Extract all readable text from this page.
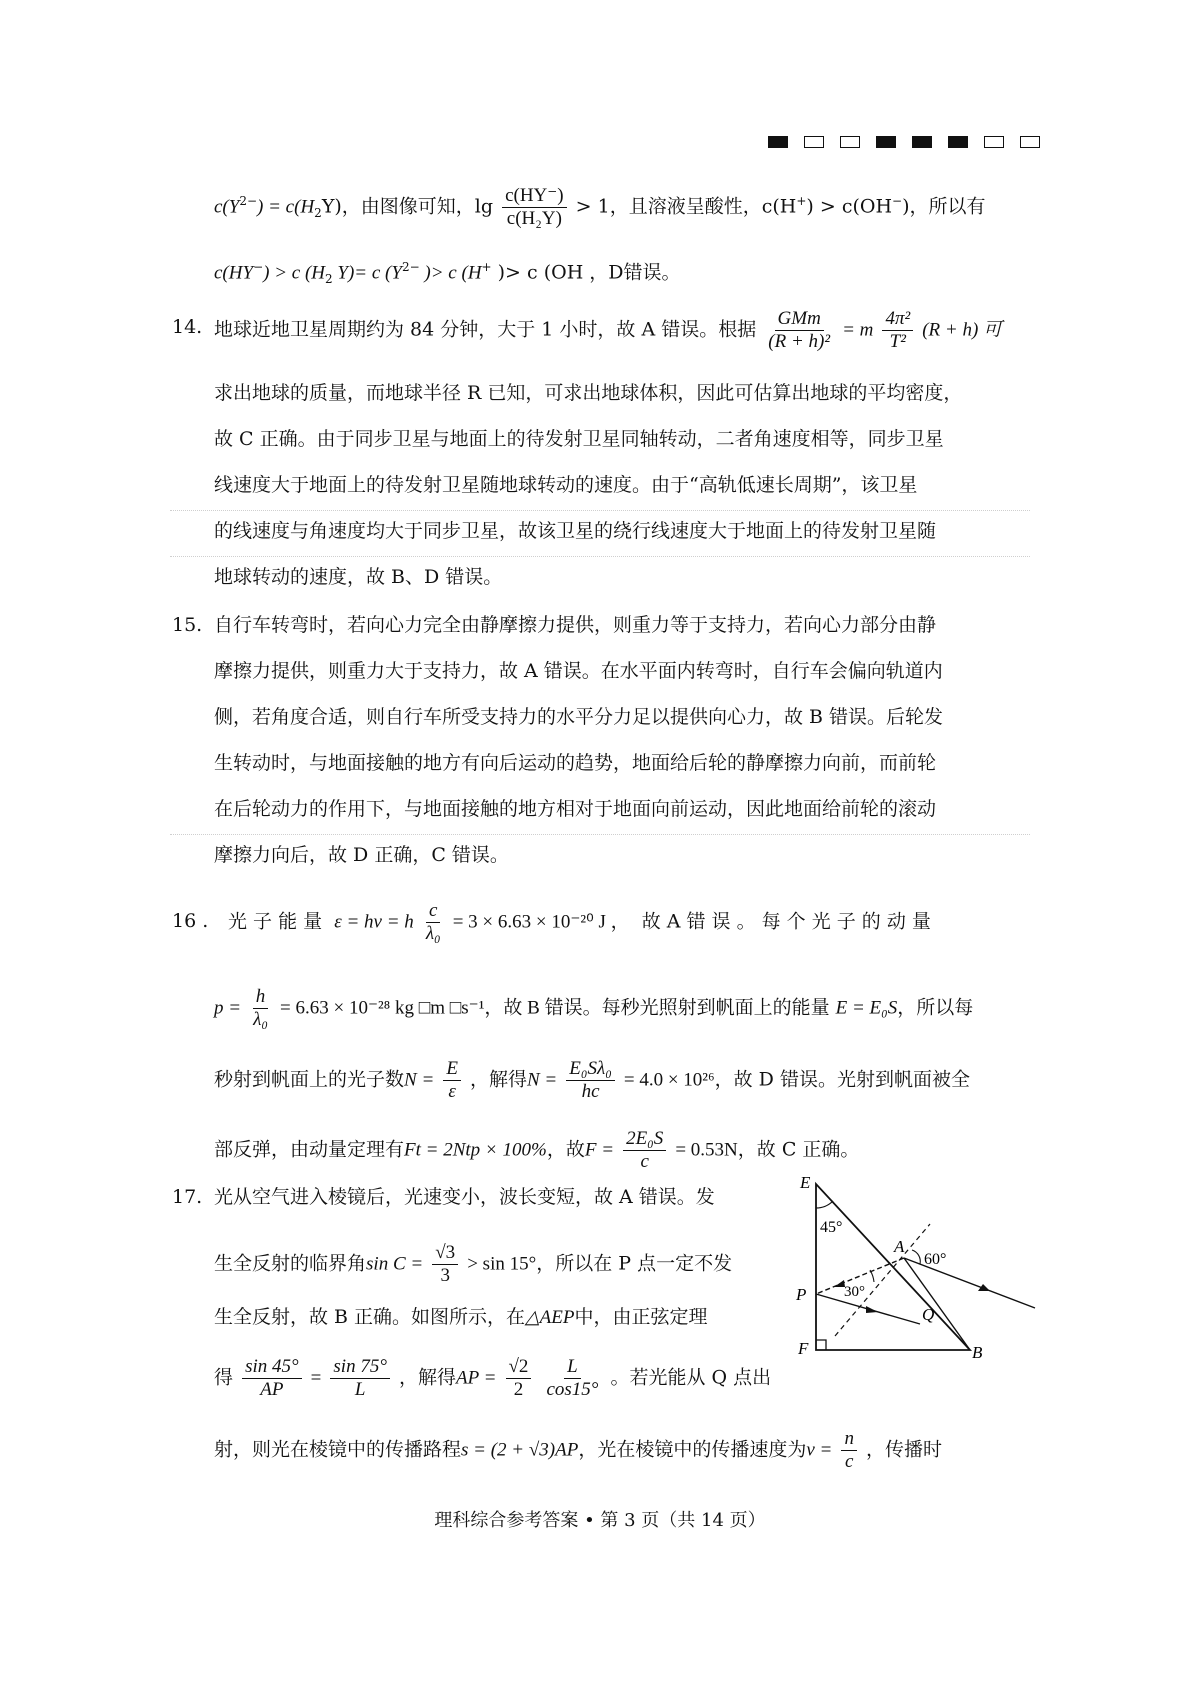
$c(Y^{2-}) = c(H_2Y)$，由图像可知，$\lg \frac{c(HY^-)}{\text{c(H₂Y)}} > 1$，且溶液呈酸性，c(H+) > c(OH−)，所以有
c(HY−) > c ($H_2$ Y)= c ($Y^{2-}$ )> c (H+ )> c (OH ，D错误。
14. 地球近地卫星周期约为 84 分钟，大于 1 小时，故 A 错误。根据 $\frac{\text{GMm}}{\text{(R + h)²}} = m \frac{\text{4π²}}{\text{T²}} (R + h)$ 可
求出地球的质量，而地球半径 R 已知，可求出地球体积，因此可估算出地球的平均密度，
故 C 正确。由于同步卫星与地面上的待发射卫星同轴转动，二者角速度相等，同步卫星
线速度大于地面上的待发射卫星随地球转动的速度。由于“高轨低速长周期”，该卫星
的线速度与角速度均大于同步卫星，故该卫星的绕行线速度大于地面上的待发射卫星随
地球转动的速度，故 B、D 错误。
15. 自行车转弯时，若向心力完全由静摩擦力提供，则重力等于支持力，若向心力部分由静
摩擦力提供，则重力大于支持力，故 A 错误。在水平面内转弯时，自行车会偏向轨道内
侧，若角度合适，则自行车所受支持力的水平分力足以提供向心力，故 B 错误。后轮发
生转动时，与地面接触的地方有向后运动的趋势，地面给后轮的静摩擦力向前，而前轮
在后轮动力的作用下，与地面接触的地方相对于地面向前运动，因此地面给前轮的滚动
摩擦力向后，故 D 正确，C 错误。
16 . 光 子 能 量 ε = hν = h $\frac{c}{\text{λ₀}} = 3 \times 6.63 \times 10^{-20}$ J ， 故 A 错 误 。 每 个 光 子 的 动 量
$p = \frac{h}{\text{λ₀}} = 6.63 \times 10^{-28}$ kg ⁣□m ⁣□s⁻¹，故 B 错误。每秒光照射到帆面上的能量 E = E₀S，所以每
秒射到帆面上的光子数$N = \frac{E}{\varepsilon}$ ，解得$N = \frac{\text{E₀Sλ₀}}{hc} = 4.0 \times 10^{26}$，故 D 错误。光射到帆面被全
部反弹，由动量定理有Ft = 2Ntp × 100%，故$F = \frac{\text{2E₀S}}{c} = 0.53N$，故 C 正确。
17. 光从空气进入棱镜后，光速变小，波长变短，故 A 错误。发
生全反射的临界角$\sin C = \frac{√3}{3} > \sin 15^\circ$，所以在 P 点一定不发
生全反射，故 B 正确。如图所示，在△AEP中，由正弦定理
得 $\frac{\sin 45^\circ}{AP} = \frac{\sin 75^\circ}{L}$ ，解得AP = $\frac{√2}{2}$
$\frac{L}{\cos 15^\circ}$ 。若光能从 Q 点出
射，则光在棱镜中的传播路程s = (2 + √3)AP，光在棱镜中的传播速度为$v = \frac{n}{c}$ ，传播时
E
A
P
F
Q
B
45°
60°
30°
理科综合参考答案 • 第 3 页（共 14 页）
